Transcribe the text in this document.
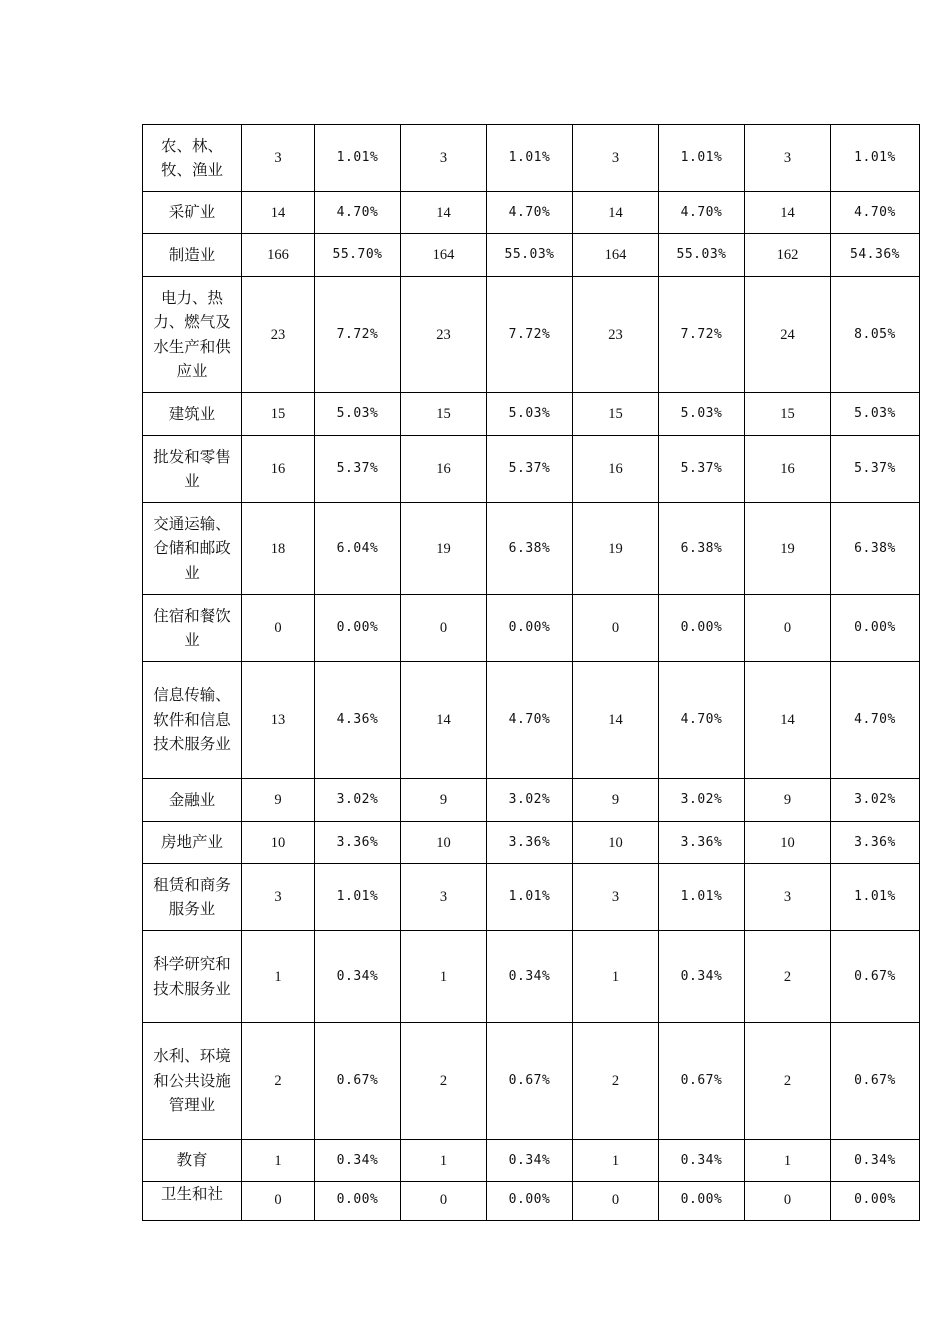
农、林、牧、渔业	3	1.01%	3	1.01%	3	1.01%	3	1.01%
采矿业	14	4.70%	14	4.70%	14	4.70%	14	4.70%
制造业	166	55.70%	164	55.03%	164	55.03%	162	54.36%
电力、热力、燃气及水生产和供应业	23	7.72%	23	7.72%	23	7.72%	24	8.05%
建筑业	15	5.03%	15	5.03%	15	5.03%	15	5.03%
批发和零售业	16	5.37%	16	5.37%	16	5.37%	16	5.37%
交通运输、仓储和邮政业	18	6.04%	19	6.38%	19	6.38%	19	6.38%
住宿和餐饮业	0	0.00%	0	0.00%	0	0.00%	0	0.00%
信息传输、软件和信息技术服务业	13	4.36%	14	4.70%	14	4.70%	14	4.70%
金融业	9	3.02%	9	3.02%	9	3.02%	9	3.02%
房地产业	10	3.36%	10	3.36%	10	3.36%	10	3.36%
租赁和商务服务业	3	1.01%	3	1.01%	3	1.01%	3	1.01%
科学研究和技术服务业	1	0.34%	1	0.34%	1	0.34%	2	0.67%
水利、环境和公共设施管理业	2	0.67%	2	0.67%	2	0.67%	2	0.67%
教育	1	0.34%	1	0.34%	1	0.34%	1	0.34%
卫生和社	0	0.00%	0	0.00%	0	0.00%	0	0.00%
